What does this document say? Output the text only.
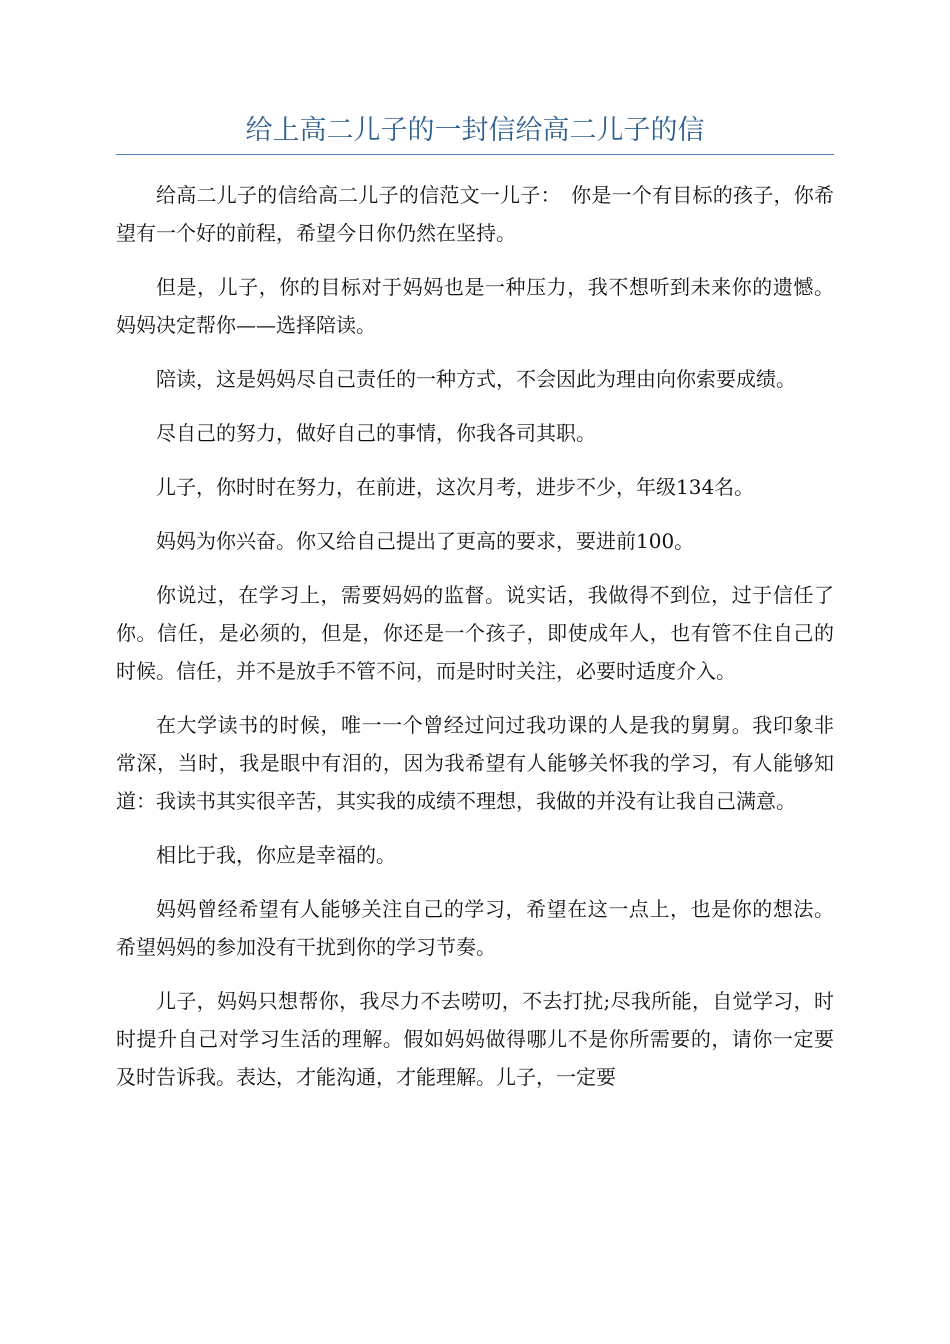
给上高二儿子的一封信给高二儿子的信

给高二儿子的信给高二儿子的信范文一儿子：　你是一个有目标的孩子，你希望有一个好的前程，希望今日你仍然在坚持。

但是，儿子，你的目标对于妈妈也是一种压力，我不想听到未来你的遗憾。妈妈决定帮你——选择陪读。

陪读，这是妈妈尽自己责任的一种方式，不会因此为理由向你索要成绩。

尽自己的努力，做好自己的事情，你我各司其职。

儿子，你时时在努力，在前进，这次月考，进步不少，年级134名。

妈妈为你兴奋。你又给自己提出了更高的要求，要进前100。

你说过，在学习上，需要妈妈的监督。说实话，我做得不到位，过于信任了你。信任，是必须的，但是，你还是一个孩子，即使成年人，也有管不住自己的时候。信任，并不是放手不管不问，而是时时关注，必要时适度介入。

在大学读书的时候，唯一一个曾经过问过我功课的人是我的舅舅。我印象非常深，当时，我是眼中有泪的，因为我希望有人能够关怀我的学习，有人能够知道：我读书其实很辛苦，其实我的成绩不理想，我做的并没有让我自己满意。

相比于我，你应是幸福的。

妈妈曾经希望有人能够关注自己的学习，希望在这一点上，也是你的想法。希望妈妈的参加没有干扰到你的学习节奏。

儿子，妈妈只想帮你，我尽力不去唠叨，不去打扰;尽我所能，自觉学习，时时提升自己对学习生活的理解。假如妈妈做得哪儿不是你所需要的，请你一定要及时告诉我。表达，才能沟通，才能理解。儿子，一定要
